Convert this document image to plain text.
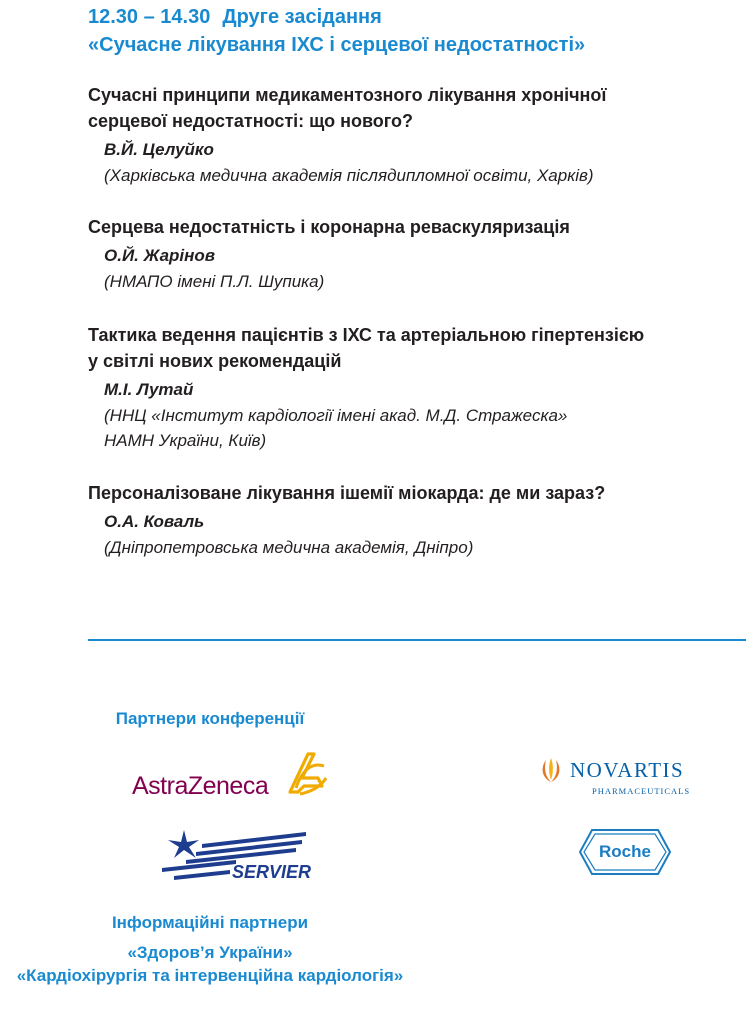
12.30 – 14.30 Друге засідання
«Сучасне лікування ІХС і серцевої недостатності»
Сучасні принципи медикаментозного лікування хронічної
серцевої недостатності: що нового?
В.Й. Целуйко
(Харківська медична академія післядипломної освіти, Харків)
Серцева недостатність і коронарна реваскуляризація
О.Й. Жарінов
(НМАПО імені П.Л. Шупика)
Тактика ведення пацієнтів з ІХС та артеріальною гіпертензією
у світлі нових рекомендацій
М.І. Лутай
(ННЦ «Інститут кардіології імені акад. М.Д. Стражеска»
НАМН України, Київ)
Персоналізоване лікування ішемії міокарда: де ми зараз?
О.А. Коваль
(Дніпропетровська медична академія, Дніпро)
Партнери конференції
AstraZeneca
NOVARTIS
PHARMACEUTICALS
SERVIER
Roche
Інформаційні партнери
«Здоров’я України»
«Кардіохірургія та інтервенційна кардіологія»
